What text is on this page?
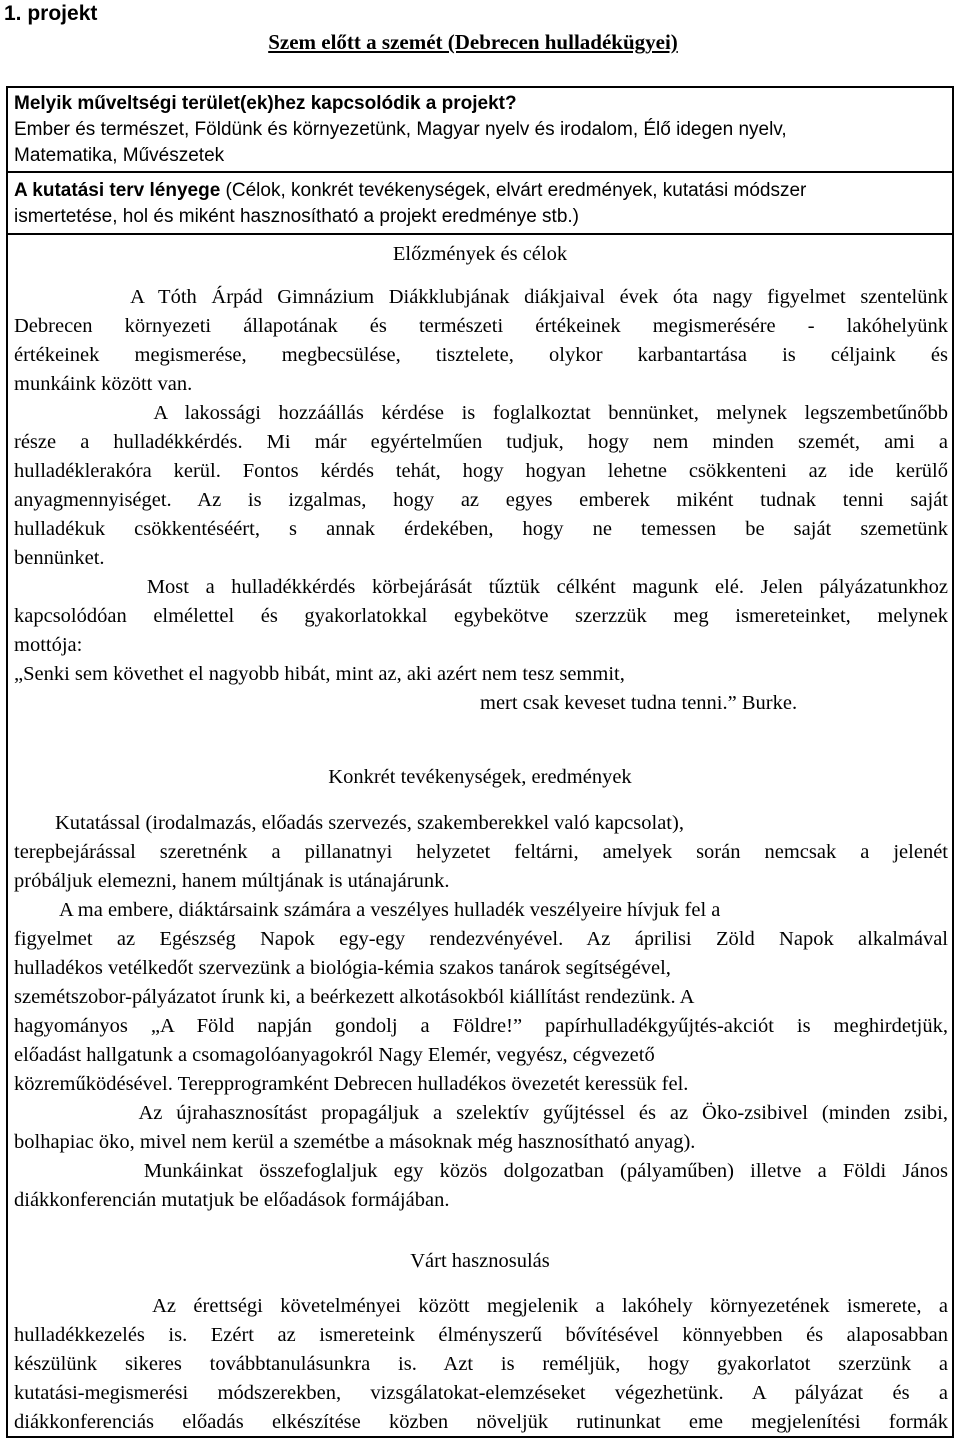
1. projekt
Szem előtt a szemét (Debrecen hulladékügyei)
Melyik műveltségi terület(ek)hez kapcsolódik a projekt?
Ember és természet, Földünk és környezetünk, Magyar nyelv és irodalom, Élő idegen nyelv,
Matematika, Művészetek
A kutatási terv lényege (Célok, konkrét tevékenységek, elvárt eredmények, kutatási módszer
ismertetése, hol és miként hasznosítható a projekt eredménye stb.)
Előzmények és célok
A Tóth Árpád Gimnázium Diákklubjának diákjaival évek óta nagy figyelmet szentelünk
Debrecen környezeti állapotának és természeti értékeinek megismerésére - lakóhelyünk
értékeinek megismerése, megbecsülése, tisztelete, olykor karbantartása is céljaink és
munkáink között van.
A lakossági hozzáállás kérdése is foglalkoztat bennünket, melynek legszembetűnőbb
része a hulladékkérdés. Mi már egyértelműen tudjuk, hogy nem minden szemét, ami a
hulladéklerakóra kerül. Fontos kérdés tehát, hogy hogyan lehetne csökkenteni az ide kerülő
anyagmennyiséget. Az is izgalmas, hogy az egyes emberek miként tudnak tenni saját
hulladékuk csökkentéséért, s annak érdekében, hogy ne temessen be saját szemetünk
bennünket.
Most a hulladékkérdés körbejárását tűztük célként magunk elé. Jelen pályázatunkhoz
kapcsolódóan elmélettel és gyakorlatokkal egybekötve szerzzük meg ismereteinket, melynek
mottója:
„Senki sem követhet el nagyobb hibát, mint az, aki azért nem tesz semmit,
mert csak keveset tudna tenni.” Burke.
Konkrét tevékenységek, eredmények
Kutatással (irodalmazás, előadás szervezés, szakemberekkel való kapcsolat),
terepbejárással szeretnénk a pillanatnyi helyzetet feltárni, amelyek során nemcsak a jelenét
próbáljuk elemezni, hanem múltjának is utánajárunk.
A ma embere, diáktársaink számára a veszélyes hulladék veszélyeire hívjuk fel a
figyelmet az Egészség Napok egy-egy rendezvényével. Az áprilisi Zöld Napok alkalmával
hulladékos vetélkedőt szervezünk a biológia-kémia szakos tanárok segítségével,
szemétszobor-pályázatot írunk ki, a beérkezett alkotásokból kiállítást rendezünk. A
hagyományos „A Föld napján gondolj a Földre!” papírhulladékgyűjtés-akciót is meghirdetjük,
előadást hallgatunk a csomagolóanyagokról Nagy Elemér, vegyész, cégvezető
közreműködésével. Terepprogramként Debrecen hulladékos övezetét keressük fel.
Az újrahasznosítást propagáljuk a szelektív gyűjtéssel és az Öko-zsibivel (minden zsibi,
bolhapiac öko, mivel nem kerül a szemétbe a másoknak még hasznosítható anyag).
Munkáinkat összefoglaljuk egy közös dolgozatban (pályaműben) illetve a Földi János
diákkonferencián mutatjuk be előadások formájában.
Várt hasznosulás
Az érettségi követelményei között megjelenik a lakóhely környezetének ismerete, a
hulladékkezelés is. Ezért az ismereteink élményszerű bővítésével könnyebben és alaposabban
készülünk sikeres továbbtanulásunkra is. Azt is reméljük, hogy gyakorlatot szerzünk a
kutatási-megismerési módszerekben, vizsgálatokat-elemzéseket végezhetünk. A pályázat és a
diákkonferenciás előadás elkészítése közben növeljük rutinunkat eme megjelenítési formák
